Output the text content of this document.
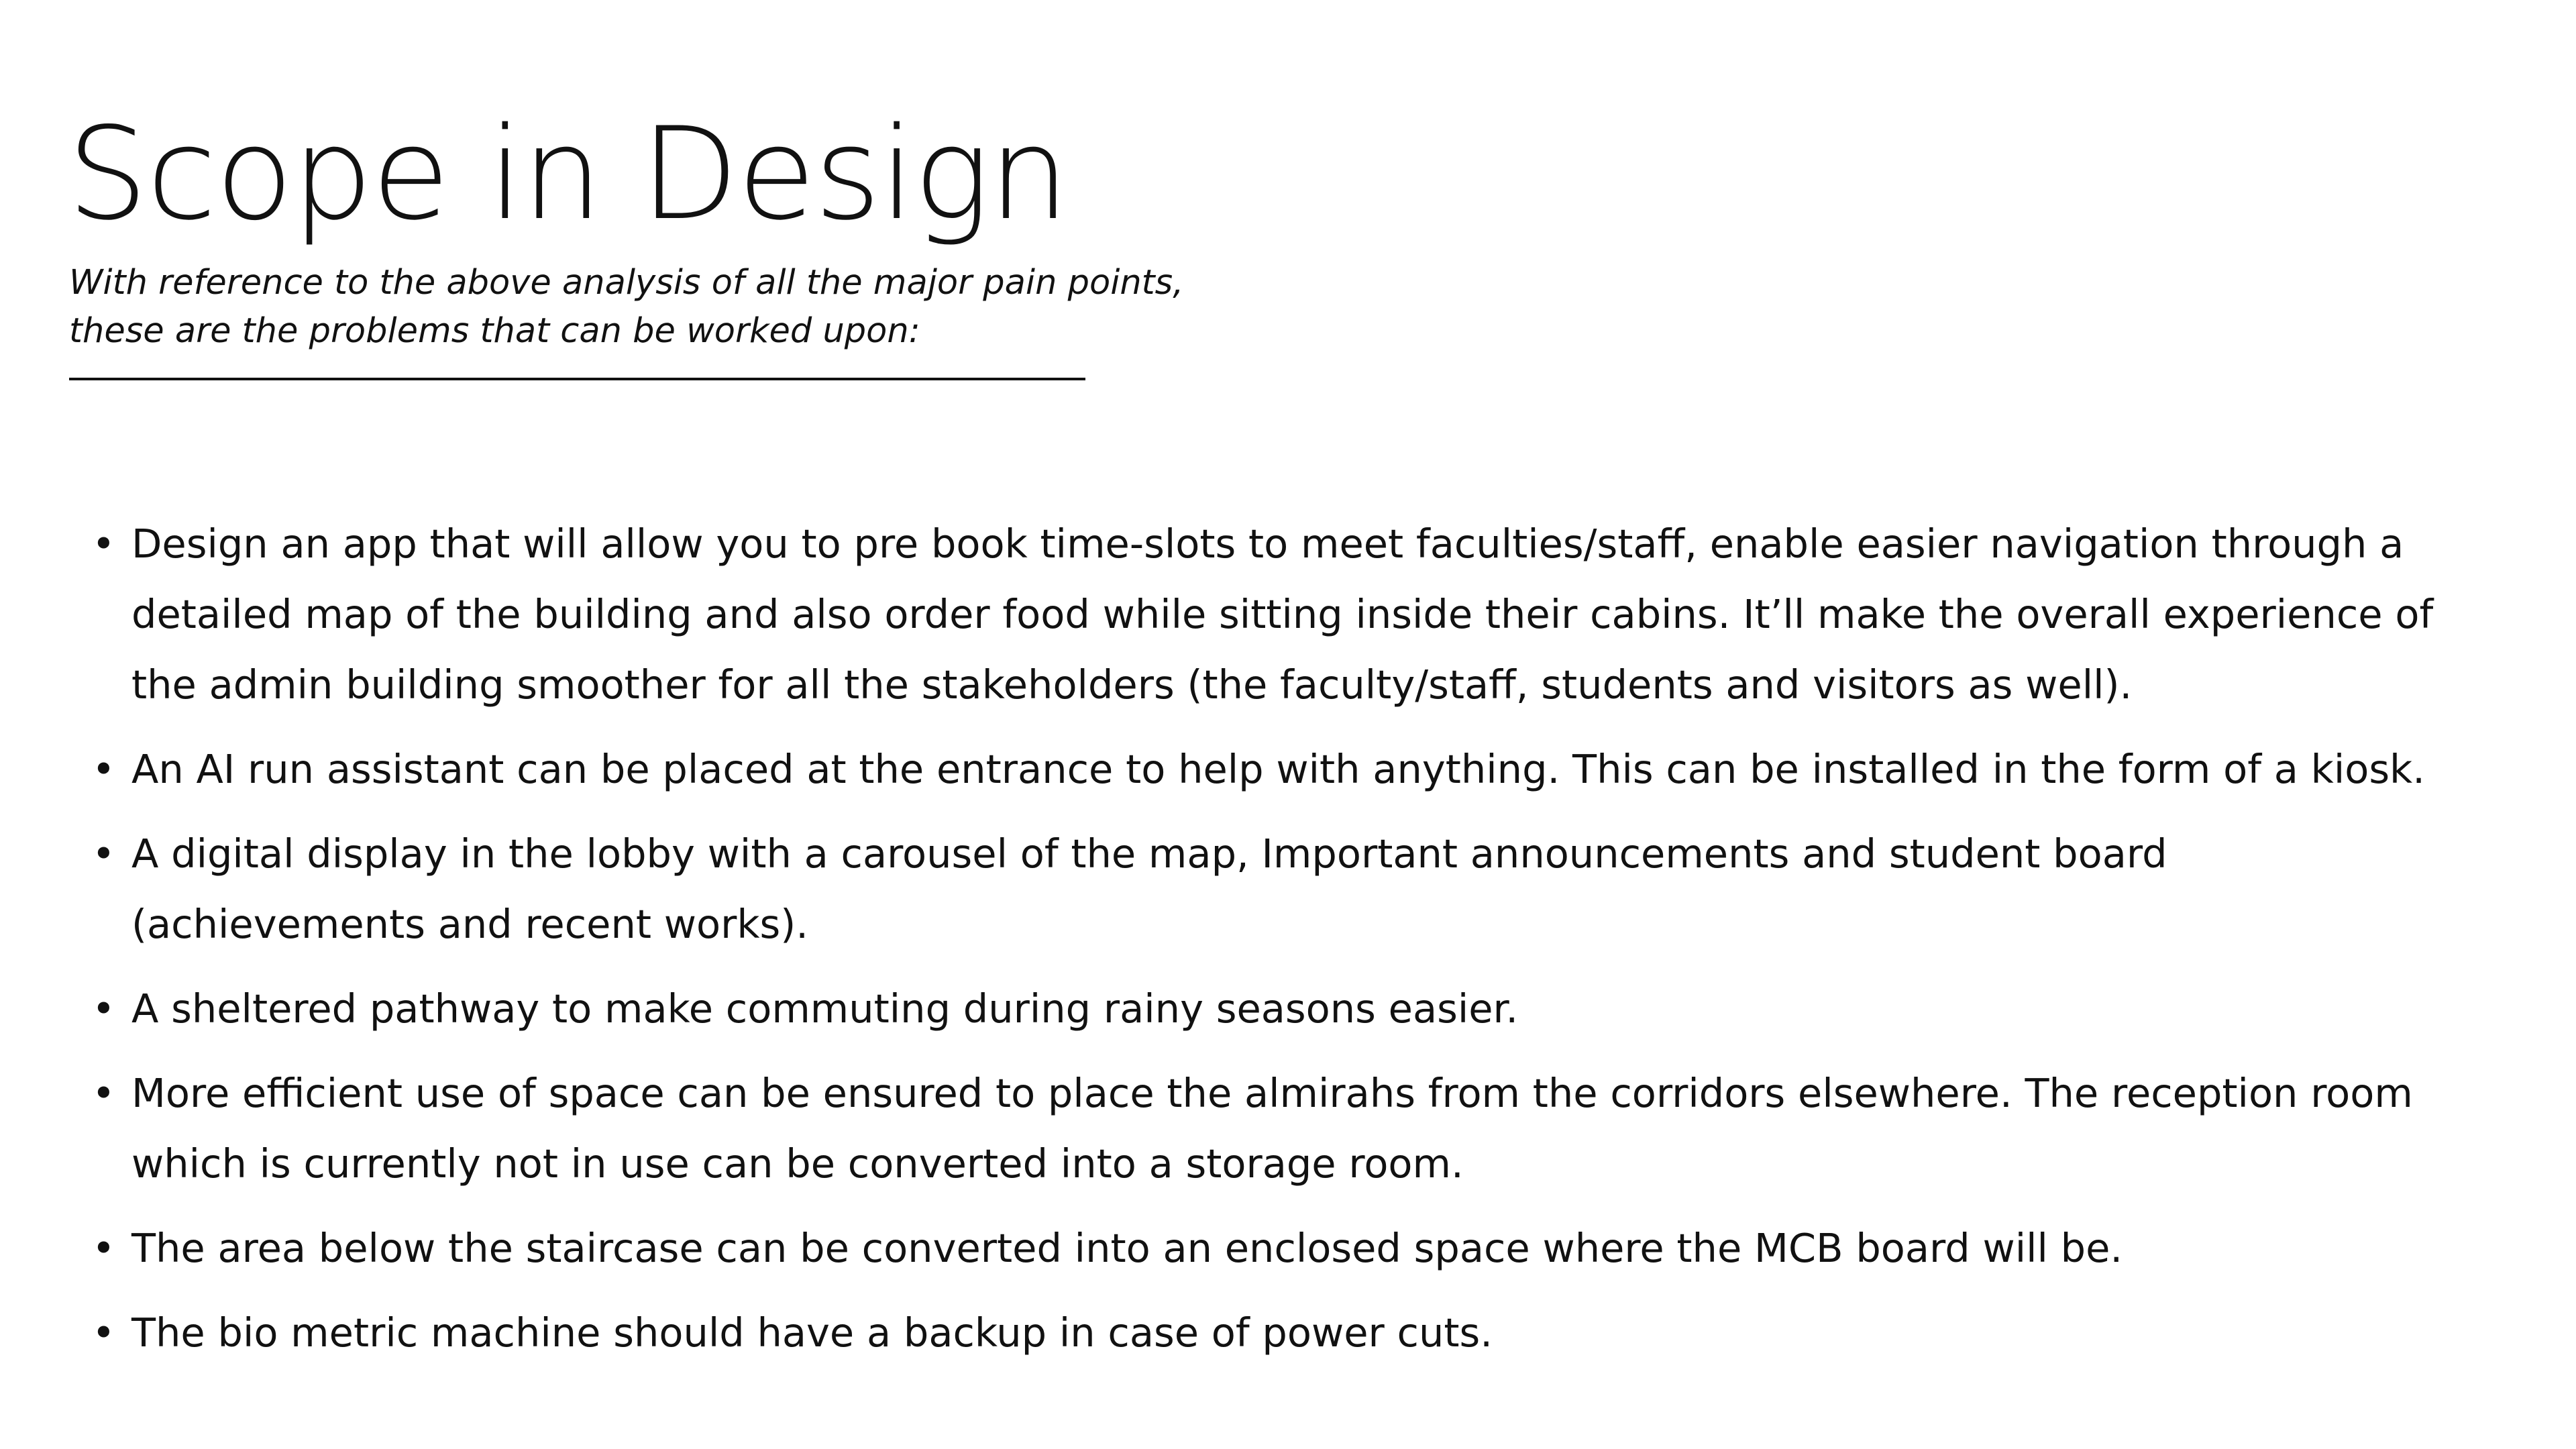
Scope in Design

With reference to the above analysis of all the major pain points,
these are the problems that can be worked upon:

• Design an app that will allow you to pre book time-slots to meet faculties/staff, enable easier navigation through a
detailed map of the building and also order food while sitting inside their cabins. It’ll make the overall experience of
the admin building smoother for all the stakeholders (the faculty/staff, students and visitors as well).
• An AI run assistant can be placed at the entrance to help with anything. This can be installed in the form of a kiosk.
• A digital display in the lobby with a carousel of the map, Important announcements and student board
(achievements and recent works).
• A sheltered pathway to make commuting during rainy seasons easier.
• More efficient use of space can be ensured to place the almirahs from the corridors elsewhere. The reception room
which is currently not in use can be converted into a storage room.
• The area below the staircase can be converted into an enclosed space where the MCB board will be.
• The bio metric machine should have a backup in case of power cuts.
